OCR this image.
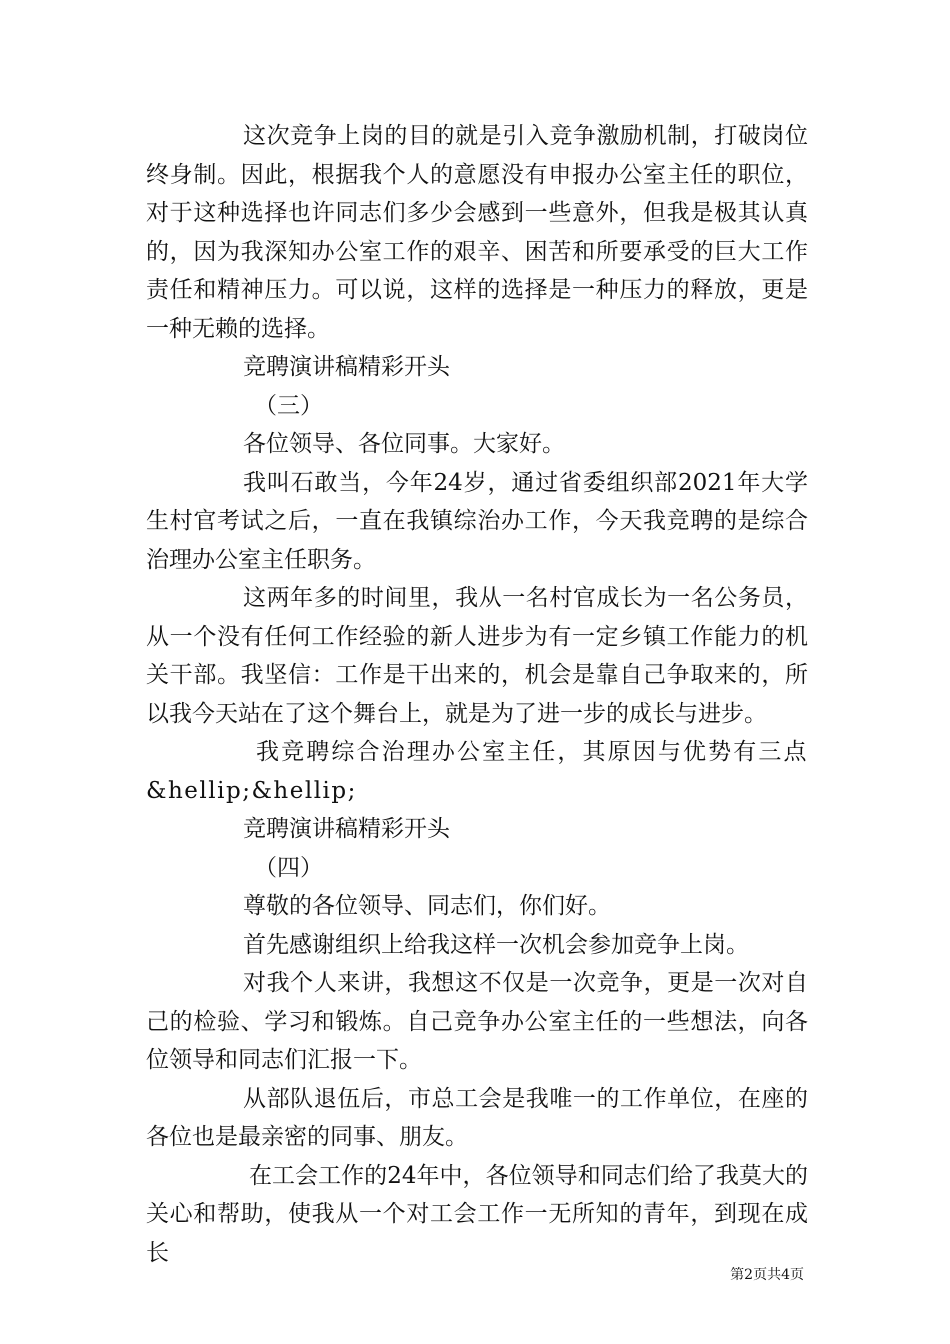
这次竞争上岗的目的就是引入竞争激励机制，打破岗位终身制。因此，根据我个人的意愿没有申报办公室主任的职位，对于这种选择也许同志们多少会感到一些意外，但我是极其认真的，因为我深知办公室工作的艰辛、困苦和所要承受的巨大工作责任和精神压力。可以说，这样的选择是一种压力的释放，更是一种无赖的选择。

竞聘演讲稿精彩开头

（三）

各位领导、各位同事。大家好。

我叫石敢当，今年24岁，通过省委组织部2021年大学生村官考试之后，一直在我镇综治办工作，今天我竞聘的是综合治理办公室主任职务。

这两年多的时间里，我从一名村官成长为一名公务员，从一个没有任何工作经验的新人进步为有一定乡镇工作能力的机关干部。我坚信：工作是干出来的，机会是靠自己争取来的，所以我今天站在了这个舞台上，就是为了进一步的成长与进步。

我竞聘综合治理办公室主任，其原因与优势有三点&hellip;&hellip;

竞聘演讲稿精彩开头

（四）

尊敬的各位领导、同志们，你们好。

首先感谢组织上给我这样一次机会参加竞争上岗。

对我个人来讲，我想这不仅是一次竞争，更是一次对自己的检验、学习和锻炼。自己竞争办公室主任的一些想法，向各位领导和同志们汇报一下。

从部队退伍后，市总工会是我唯一的工作单位，在座的各位也是最亲密的同事、朋友。

在工会工作的24年中，各位领导和同志们给了我莫大的关心和帮助，使我从一个对工会工作一无所知的青年，到现在成长

第2页共4页
